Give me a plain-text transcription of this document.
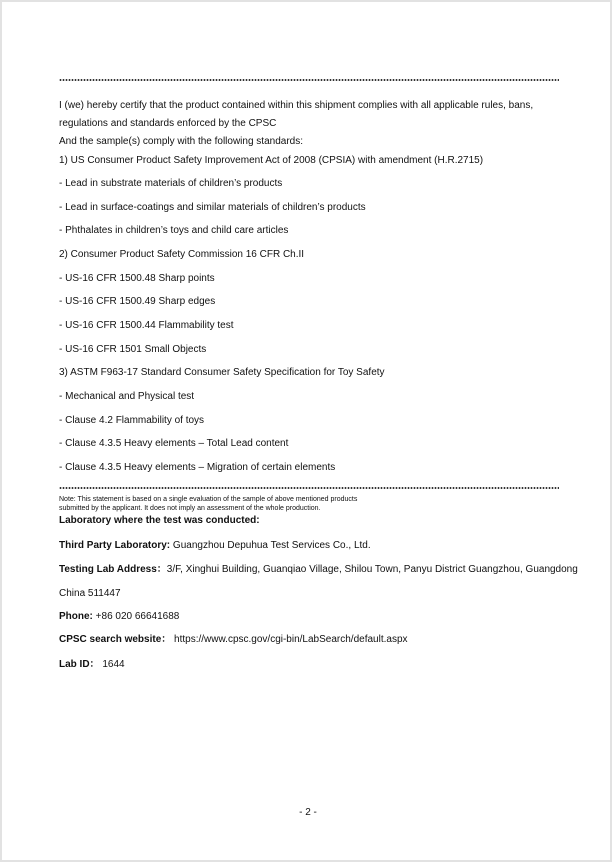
I (we) hereby certify that the product contained within this shipment complies with all applicable rules, bans,
regulations and standards enforced by the CPSC
And the sample(s) comply with the following standards:
1) US Consumer Product Safety Improvement Act of 2008 (CPSIA) with amendment (H.R.2715)
- Lead in substrate materials of children’s products
- Lead in surface-coatings and similar materials of children’s products
- Phthalates in children’s toys and child care articles
2) Consumer Product Safety Commission 16 CFR Ch.II
- US-16 CFR 1500.48 Sharp points
- US-16 CFR 1500.49 Sharp edges
- US-16 CFR 1500.44 Flammability test
- US-16 CFR 1501 Small Objects
3) ASTM F963-17 Standard Consumer Safety Specification for Toy Safety
- Mechanical and Physical test
- Clause 4.2 Flammability of toys
- Clause 4.3.5 Heavy elements – Total Lead content
- Clause 4.3.5 Heavy elements – Migration of certain elements
Note: This statement is based on a single evaluation of the sample of above mentioned products
submitted by the applicant. It does not imply an assessment of the whole production.
Laboratory where the test was conducted:
Third Party Laboratory: Guangzhou Depuhua Test Services Co., Ltd.
Testing Lab Address：3/F, Xinghui Building, Guanqiao Village, Shilou Town, Panyu District Guangzhou, Guangdong
China 511447
Phone: +86 020 66641688
CPSC search website： https://www.cpsc.gov/cgi-bin/LabSearch/default.aspx
Lab ID： 1644
- 2 -
